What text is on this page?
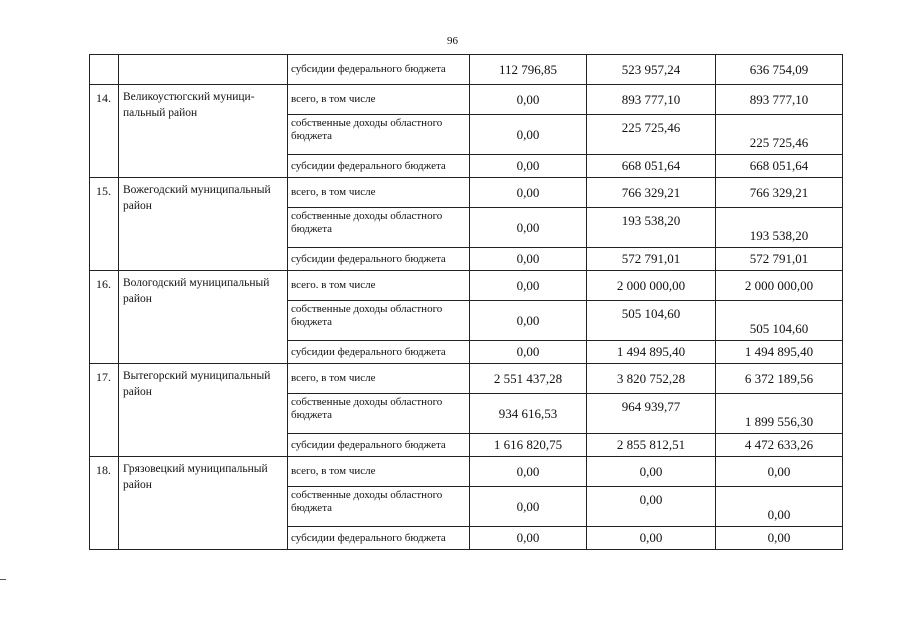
96
		субсидии федерального бюджета	112 796,85	523 957,24	636 754,09
14.	Великоустюгский муници-пальный район	всего, в том числе	0,00	893 777,10	893 777,10
		собственные доходы областного бюджета	0,00	225 725,46	225 725,46
		субсидии федерального бюджета	0,00	668 051,64	668 051,64
15.	Вожегодский муниципальный район	всего, в том числе	0,00	766 329,21	766 329,21
		собственные доходы областного бюджета	0,00	193 538,20	193 538,20
		субсидии федерального бюджета	0,00	572 791,01	572 791,01
16.	Вологодский муниципальный район	всего. в том числе	0,00	2 000 000,00	2 000 000,00
		собственные доходы областного бюджета	0,00	505 104,60	505 104,60
		субсидии федерального бюджета	0,00	1 494 895,40	1 494 895,40
17.	Вытегорский муниципальный район	всего, в том числе	2 551 437,28	3 820 752,28	6 372 189,56
		собственные доходы областного бюджета	934 616,53	964 939,77	1 899 556,30
		субсидии федерального бюджета	1 616 820,75	2 855 812,51	4 472 633,26
18.	Грязовецкий муниципальный район	всего, в том числе	0,00	0,00	0,00
		собственные доходы областного бюджета	0,00	0,00	0,00
		субсидии федерального бюджета	0,00	0,00	0,00
